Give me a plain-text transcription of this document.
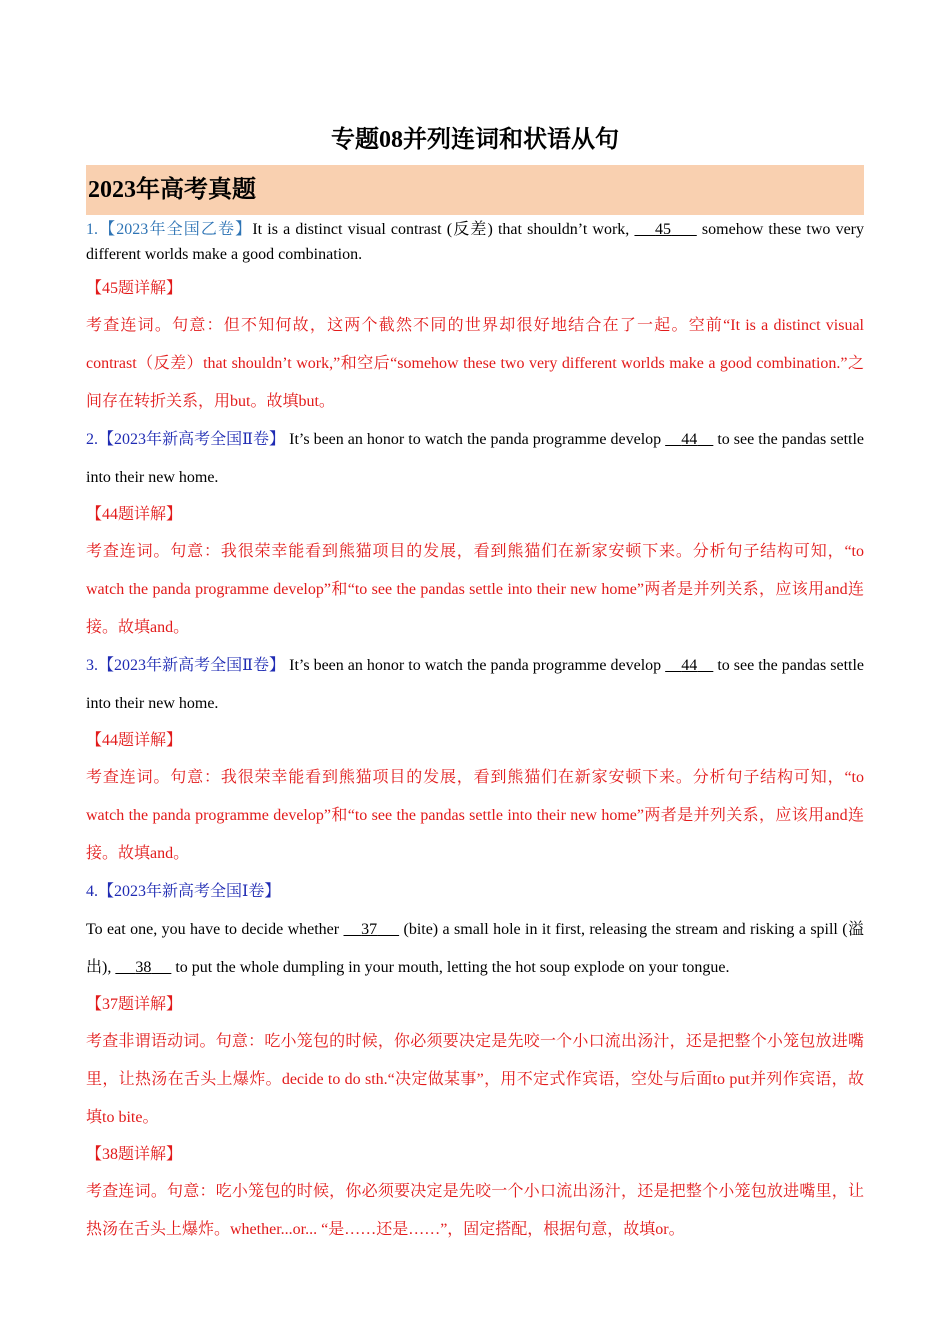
专题08并列连词和状语从句
2023年高考真题

1.【2023年全国乙卷】It is a distinct visual contrast (反差) that shouldn’t work,     45      somehow these two very different worlds make a good combination.

【45题详解】

考查连词。句意：但不知何故，这两个截然不同的世界却很好地结合在了一起。空前“It is a distinct visual contrast（反差）that shouldn’t work,”和空后“somehow these two very different worlds make a good combination.”之间存在转折关系，用but。故填but。

2.【2023年新高考全国Ⅱ卷】 It’s been an honor to watch the panda programme develop     44     to see the pandas settle into their new home.

【44题详解】

考查连词。句意：我很荣幸能看到熊猫项目的发展，看到熊猫们在新家安顿下来。分析句子结构可知，“to watch the panda programme develop”和“to see the pandas settle into their new home”两者是并列关系，应该用and连接。故填and。

3.【2023年新高考全国Ⅱ卷】 It’s been an honor to watch the panda programme develop     44     to see the pandas settle into their new home.

【44题详解】

考查连词。句意：我很荣幸能看到熊猫项目的发展，看到熊猫们在新家安顿下来。分析句子结构可知，“to watch the panda programme develop”和“to see the pandas settle into their new home”两者是并列关系，应该用and连接。故填and。

4.【2023年新高考全国Ⅰ卷】

To eat one, you have to decide whether     37      (bite) a small hole in it first, releasing the stream and risking a spill (溢出),      38      to put the whole dumpling in your mouth, letting the hot soup explode on your tongue.

【37题详解】

考查非谓语动词。句意：吃小笼包的时候，你必须要决定是先咬一个小口流出汤汁，还是把整个小笼包放进嘴里，让热汤在舌头上爆炸。decide to do sth.“决定做某事”，用不定式作宾语，空处与后面to put并列作宾语，故填to bite。

【38题详解】

考查连词。句意：吃小笼包的时候，你必须要决定是先咬一个小口流出汤汁，还是把整个小笼包放进嘴里，让热汤在舌头上爆炸。whether...or... “是……还是……”，固定搭配，根据句意，故填or。
